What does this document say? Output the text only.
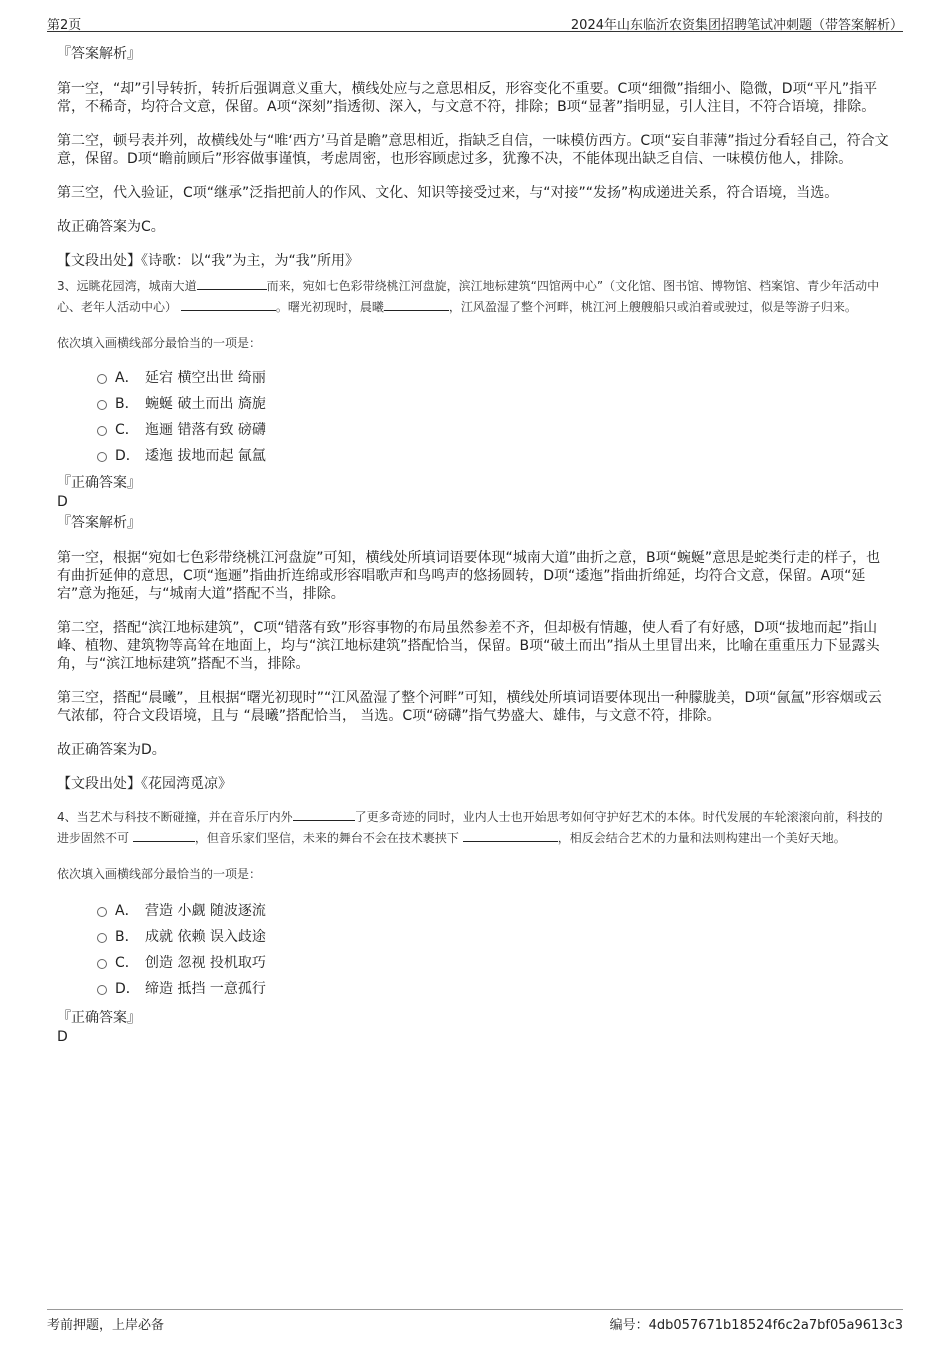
第2页	2024年山东临沂农资集团招聘笔试冲刺题（带答案解析）

『答案解析』

第一空，“却”引导转折，转折后强调意义重大，横线处应与之意思相反，形容变化不重要。C项“细微”指细小、隐微，D项“平凡”指平常，不稀奇，均符合文意，保留。A项“深刻”指透彻、深入，与文意不符，排除；B项“显著”指明显，引人注目，不符合语境，排除。

第二空，顿号表并列，故横线处与“唯‘西方’马首是瞻”意思相近，指缺乏自信，一味模仿西方。C项“妄自菲薄”指过分看轻自己，符合文意，保留。D项“瞻前顾后”形容做事谨慎，考虑周密，也形容顾虑过多，犹豫不决，不能体现出缺乏自信、一味模仿他人，排除。

第三空，代入验证，C项“继承”泛指把前人的作风、文化、知识等接受过来，与“对接”“发扬”构成递进关系，符合语境，当选。

故正确答案为C。

【文段出处】《诗歌：以“我”为主，为“我”所用》

3、远眺花园湾，城南大道	而来，宛如七色彩带绕桃江河盘旋，滨江地标建筑“四馆两中心”（文化馆、图书馆、博物馆、档案馆、青少年活动中心、老年人活动中心）	。曙光初现时，晨曦	，江风盈湿了整个河畔，桃江河上艘艘船只或泊着或驶过，似是等游子归来。

依次填入画横线部分最恰当的一项是：

A． 延宕 横空出世 绮丽
B． 蜿蜒 破土而出 旖旎
C． 迤逦 错落有致 磅礴
D． 逶迤 拔地而起 氤氲

『正确答案』

D

『答案解析』

第一空，根据“宛如七色彩带绕桃江河盘旋”可知，横线处所填词语要体现“城南大道”曲折之意，B项“蜿蜒”意思是蛇类行走的样子，也有曲折延伸的意思，C项“迤逦”指曲折连绵或形容唱歌声和鸟鸣声的悠扬圆转，D项“逶迤”指曲折绵延，均符合文意，保留。A项“延宕”意为拖延，与“城南大道”搭配不当，排除。

第二空，搭配“滨江地标建筑”，C项“错落有致”形容事物的布局虽然参差不齐，但却极有情趣，使人看了有好感，D项“拔地而起”指山峰、植物、建筑物等高耸在地面上，均与“滨江地标建筑”搭配恰当，保留。B项“破土而出”指从土里冒出来，比喻在重重压力下显露头角，与“滨江地标建筑”搭配不当，排除。

第三空，搭配“晨曦”，且根据“曙光初现时”“江风盈湿了整个河畔”可知，横线处所填词语要体现出一种朦胧美，D项“氤氲”形容烟或云气浓郁，符合文段语境，且与 “晨曦”搭配恰当， 当选。C项“磅礴”指气势盛大、雄伟，与文意不符，排除。

故正确答案为D。

【文段出处】《花园湾觅凉》

4、当艺术与科技不断碰撞，并在音乐厅内外	了更多奇迹的同时，业内人士也开始思考如何守护好艺术的本体。时代发展的车轮滚滚向前，科技的进步固然不可	，但音乐家们坚信，未来的舞台不会在技术裹挟下	，相反会结合艺术的力量和法则构建出一个美好天地。

依次填入画横线部分最恰当的一项是：

A． 营造 小觑 随波逐流
B． 成就 依赖 误入歧途
C． 创造 忽视 投机取巧
D． 缔造 抵挡 一意孤行

『正确答案』

D

考前押题，上岸必备	编号：4db057671b18524f6c2a7bf05a9613c3
